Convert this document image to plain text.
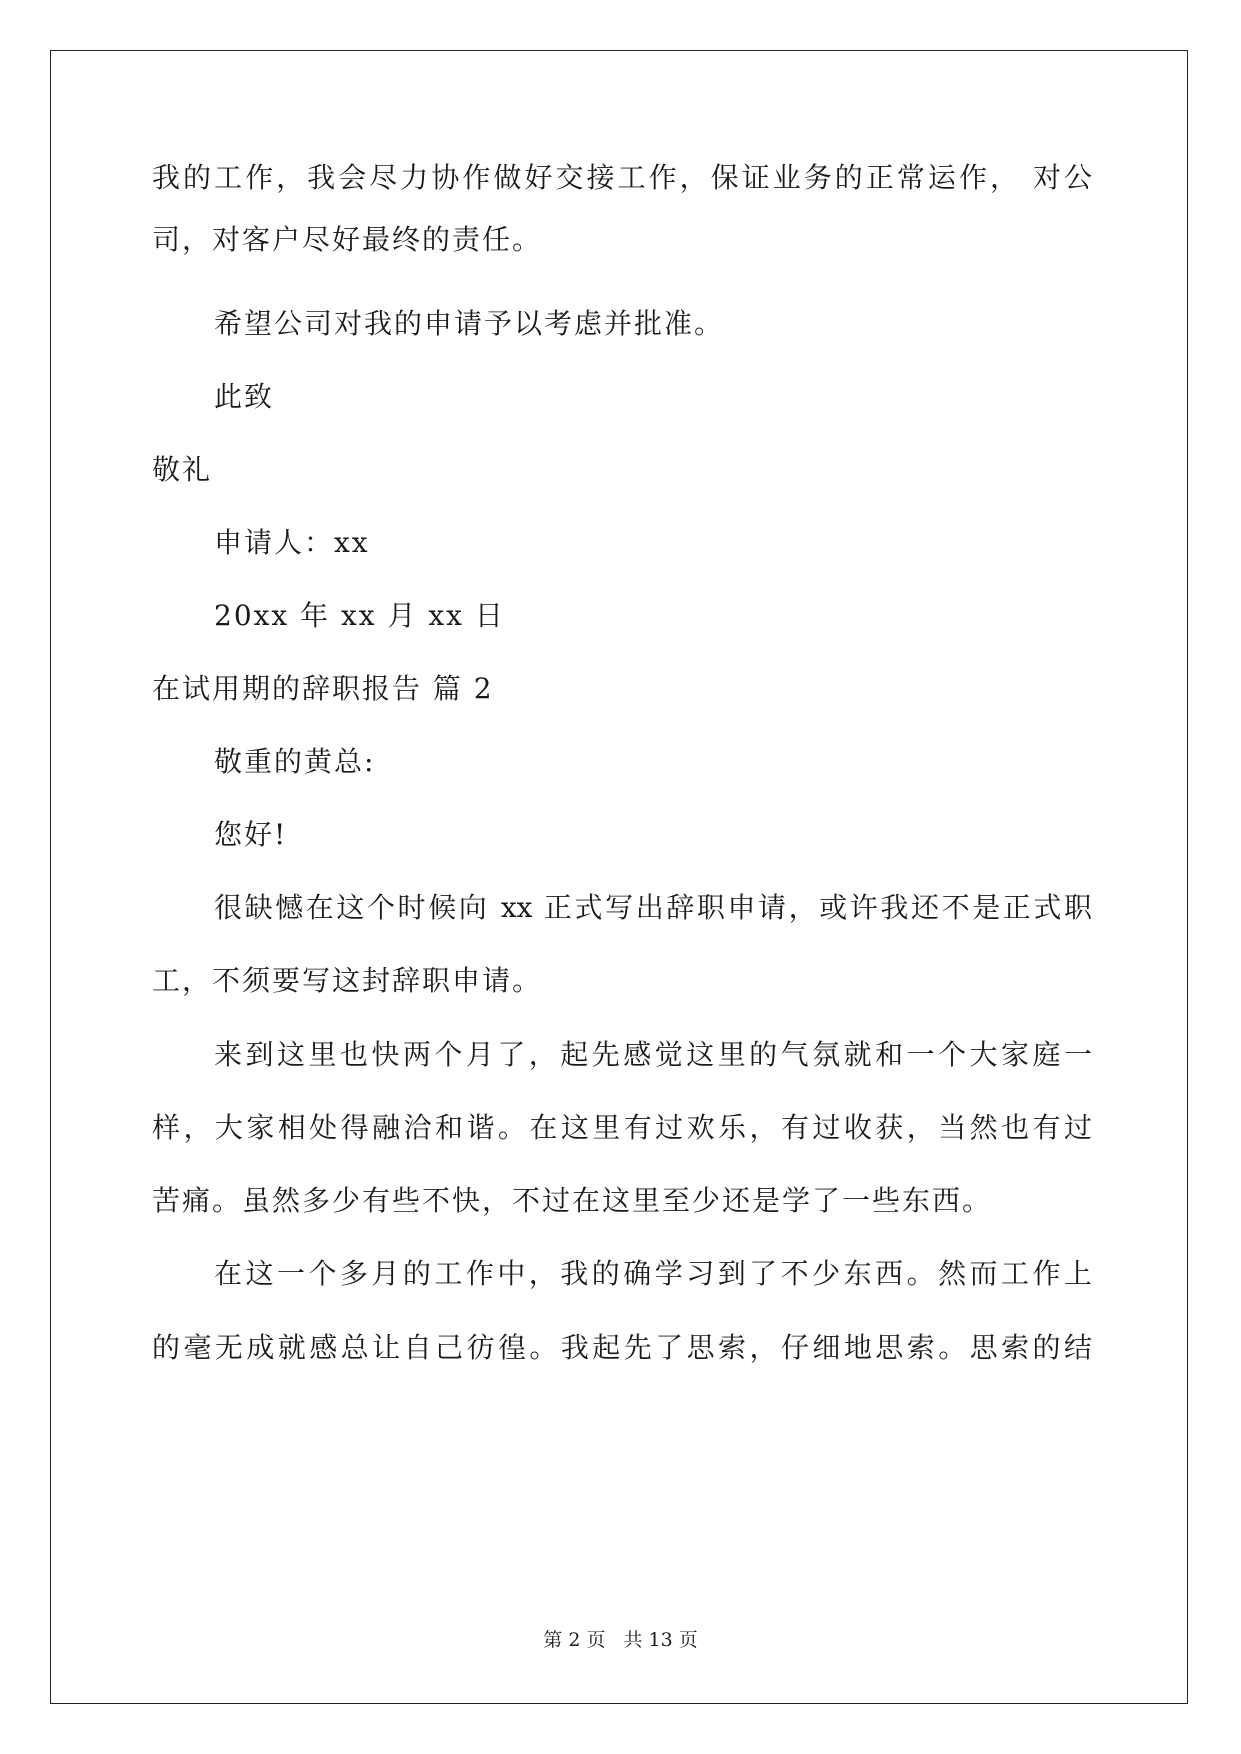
我的工作，我会尽力协作做好交接工作，保证业务的正常运作， 对公
司，对客户尽好最终的责任。
希望公司对我的申请予以考虑并批准。
此致
敬礼
申请人：xx
20xx 年 xx 月 xx 日
在试用期的辞职报告 篇 2
敬重的黄总:
您好!
很缺憾在这个时候向 xx 正式写出辞职申请，或许我还不是正式职
工，不须要写这封辞职申请。
来到这里也快两个月了，起先感觉这里的气氛就和一个大家庭一
样，大家相处得融洽和谐。在这里有过欢乐，有过收获，当然也有过
苦痛。虽然多少有些不快，不过在这里至少还是学了一些东西。
在这一个多月的工作中，我的确学习到了不少东西。然而工作上
的毫无成就感总让自己彷徨。我起先了思索，仔细地思索。思索的结
第 2 页 共 13 页
